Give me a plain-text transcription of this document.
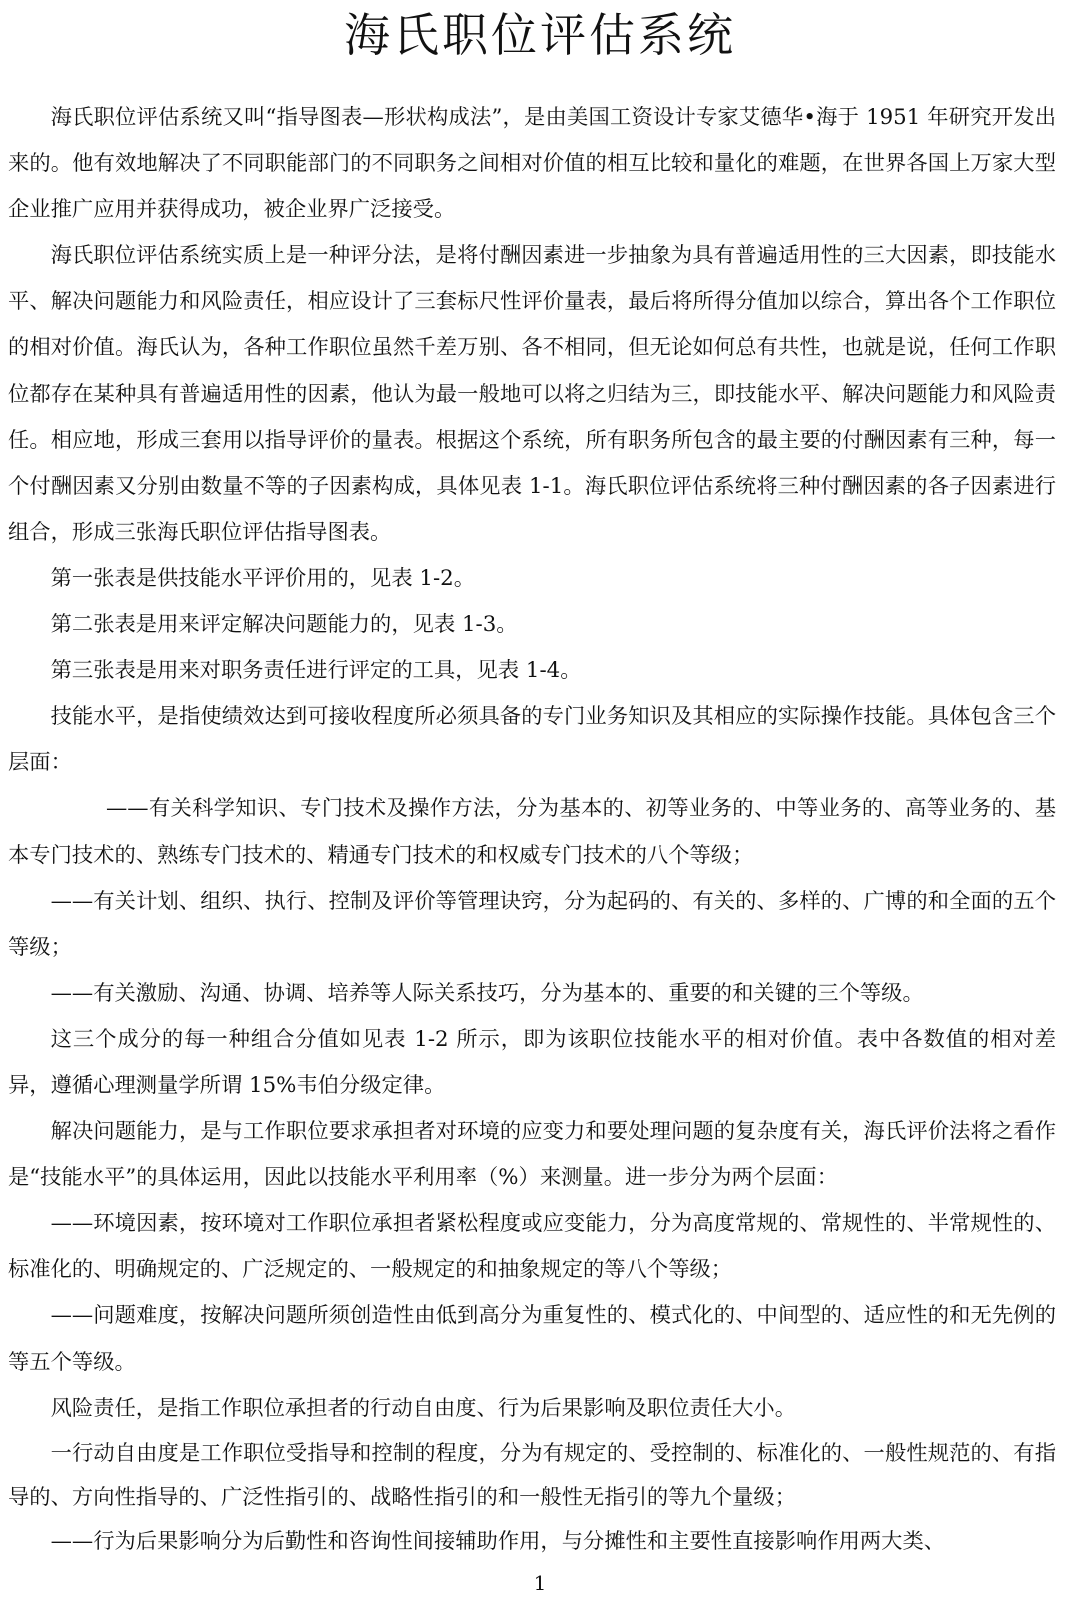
海氏职位评估系统

海氏职位评估系统又叫“指导图表—形状构成法”，是由美国工资设计专家艾德华•海于 1951 年研究开发出来的。他有效地解决了不同职能部门的不同职务之间相对价值的相互比较和量化的难题，在世界各国上万家大型企业推广应用并获得成功，被企业界广泛接受。

海氏职位评估系统实质上是一种评分法，是将付酬因素进一步抽象为具有普遍适用性的三大因素，即技能水平、解决问题能力和风险责任，相应设计了三套标尺性评价量表，最后将所得分值加以综合，算出各个工作职位的相对价值。海氏认为，各种工作职位虽然千差万别、各不相同，但无论如何总有共性，也就是说，任何工作职位都存在某种具有普遍适用性的因素，他认为最一般地可以将之归结为三，即技能水平、解决问题能力和风险责任。相应地，形成三套用以指导评价的量表。根据这个系统，所有职务所包含的最主要的付酬因素有三种，每一个付酬因素又分别由数量不等的子因素构成，具体见表 1-1。海氏职位评估系统将三种付酬因素的各子因素进行组合，形成三张海氏职位评估指导图表。

第一张表是供技能水平评价用的，见表 1-2。

第二张表是用来评定解决问题能力的，见表 1-3。

第三张表是用来对职务责任进行评定的工具，见表 1-4。

技能水平，是指使绩效达到可接收程度所必须具备的专门业务知识及其相应的实际操作技能。具体包含三个层面：

——有关科学知识、专门技术及操作方法，分为基本的、初等业务的、中等业务的、高等业务的、基本专门技术的、熟练专门技术的、精通专门技术的和权威专门技术的八个等级；

——有关计划、组织、执行、控制及评价等管理诀窍，分为起码的、有关的、多样的、广博的和全面的五个等级；

——有关激励、沟通、协调、培养等人际关系技巧，分为基本的、重要的和关键的三个等级。

这三个成分的每一种组合分值如见表 1-2 所示，即为该职位技能水平的相对价值。表中各数值的相对差异，遵循心理测量学所谓 15%韦伯分级定律。

解决问题能力，是与工作职位要求承担者对环境的应变力和要处理问题的复杂度有关，海氏评价法将之看作是“技能水平”的具体运用，因此以技能水平利用率（%）来测量。进一步分为两个层面：

——环境因素，按环境对工作职位承担者紧松程度或应变能力，分为高度常规的、常规性的、半常规性的、标准化的、明确规定的、广泛规定的、一般规定的和抽象规定的等八个等级；

——问题难度，按解决问题所须创造性由低到高分为重复性的、模式化的、中间型的、适应性的和无先例的等五个等级。

风险责任，是指工作职位承担者的行动自由度、行为后果影响及职位责任大小。

一行动自由度是工作职位受指导和控制的程度，分为有规定的、受控制的、标准化的、一般性规范的、有指导的、方向性指导的、广泛性指引的、战略性指引的和一般性无指引的等九个量级；

——行为后果影响分为后勤性和咨询性间接辅助作用，与分摊性和主要性直接影响作用两大类、

1
